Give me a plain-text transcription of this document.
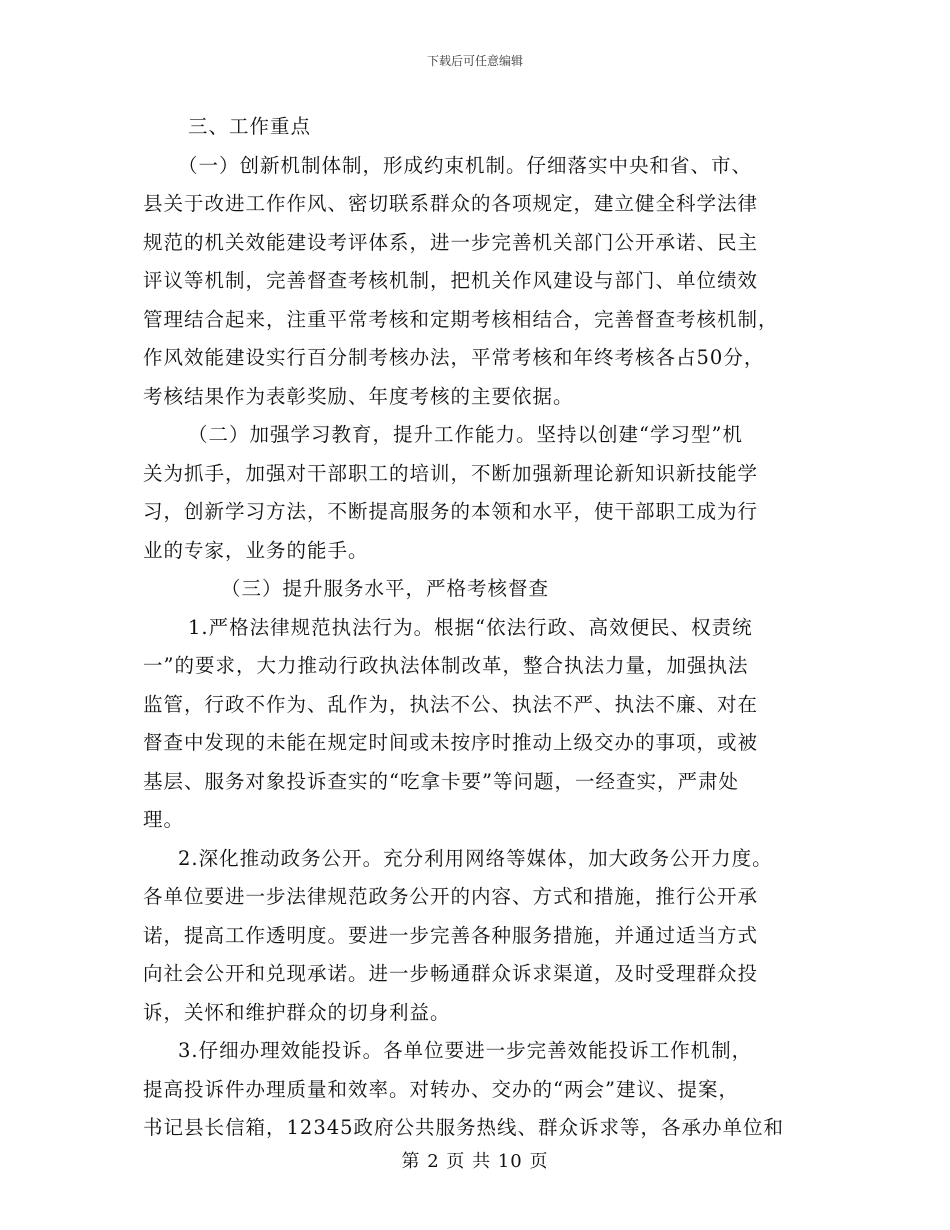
下载后可任意编辑
三、工作重点
（一）创新机制体制，形成约束机制。仔细落实中央和省、市、
县关于改进工作作风、密切联系群众的各项规定，建立健全科学法律
规范的机关效能建设考评体系，进一步完善机关部门公开承诺、民主
评议等机制，完善督查考核机制，把机关作风建设与部门、单位绩效
管理结合起来，注重平常考核和定期考核相结合，完善督查考核机制，
作风效能建设实行百分制考核办法，平常考核和年终考核各占50分，
考核结果作为表彰奖励、年度考核的主要依据。
（二）加强学习教育，提升工作能力。坚持以创建“学习型”机
关为抓手，加强对干部职工的培训，不断加强新理论新知识新技能学
习，创新学习方法，不断提高服务的本领和水平，使干部职工成为行
业的专家，业务的能手。
（三）提升服务水平，严格考核督查
1.严格法律规范执法行为。根据“依法行政、高效便民、权责统
一”的要求，大力推动行政执法体制改革，整合执法力量，加强执法
监管，行政不作为、乱作为，执法不公、执法不严、执法不廉、对在
督查中发现的未能在规定时间或未按序时推动上级交办的事项，或被
基层、服务对象投诉查实的“吃拿卡要”等问题，一经查实，严肃处
理。
2.深化推动政务公开。充分利用网络等媒体，加大政务公开力度。
各单位要进一步法律规范政务公开的内容、方式和措施，推行公开承
诺，提高工作透明度。要进一步完善各种服务措施，并通过适当方式
向社会公开和兑现承诺。进一步畅通群众诉求渠道，及时受理群众投
诉，关怀和维护群众的切身利益。
3.仔细办理效能投诉。各单位要进一步完善效能投诉工作机制，
提高投诉件办理质量和效率。对转办、交办的“两会”建议、提案，
书记县长信箱，12345政府公共服务热线、群众诉求等，各承办单位和
第 2 页 共 10 页
